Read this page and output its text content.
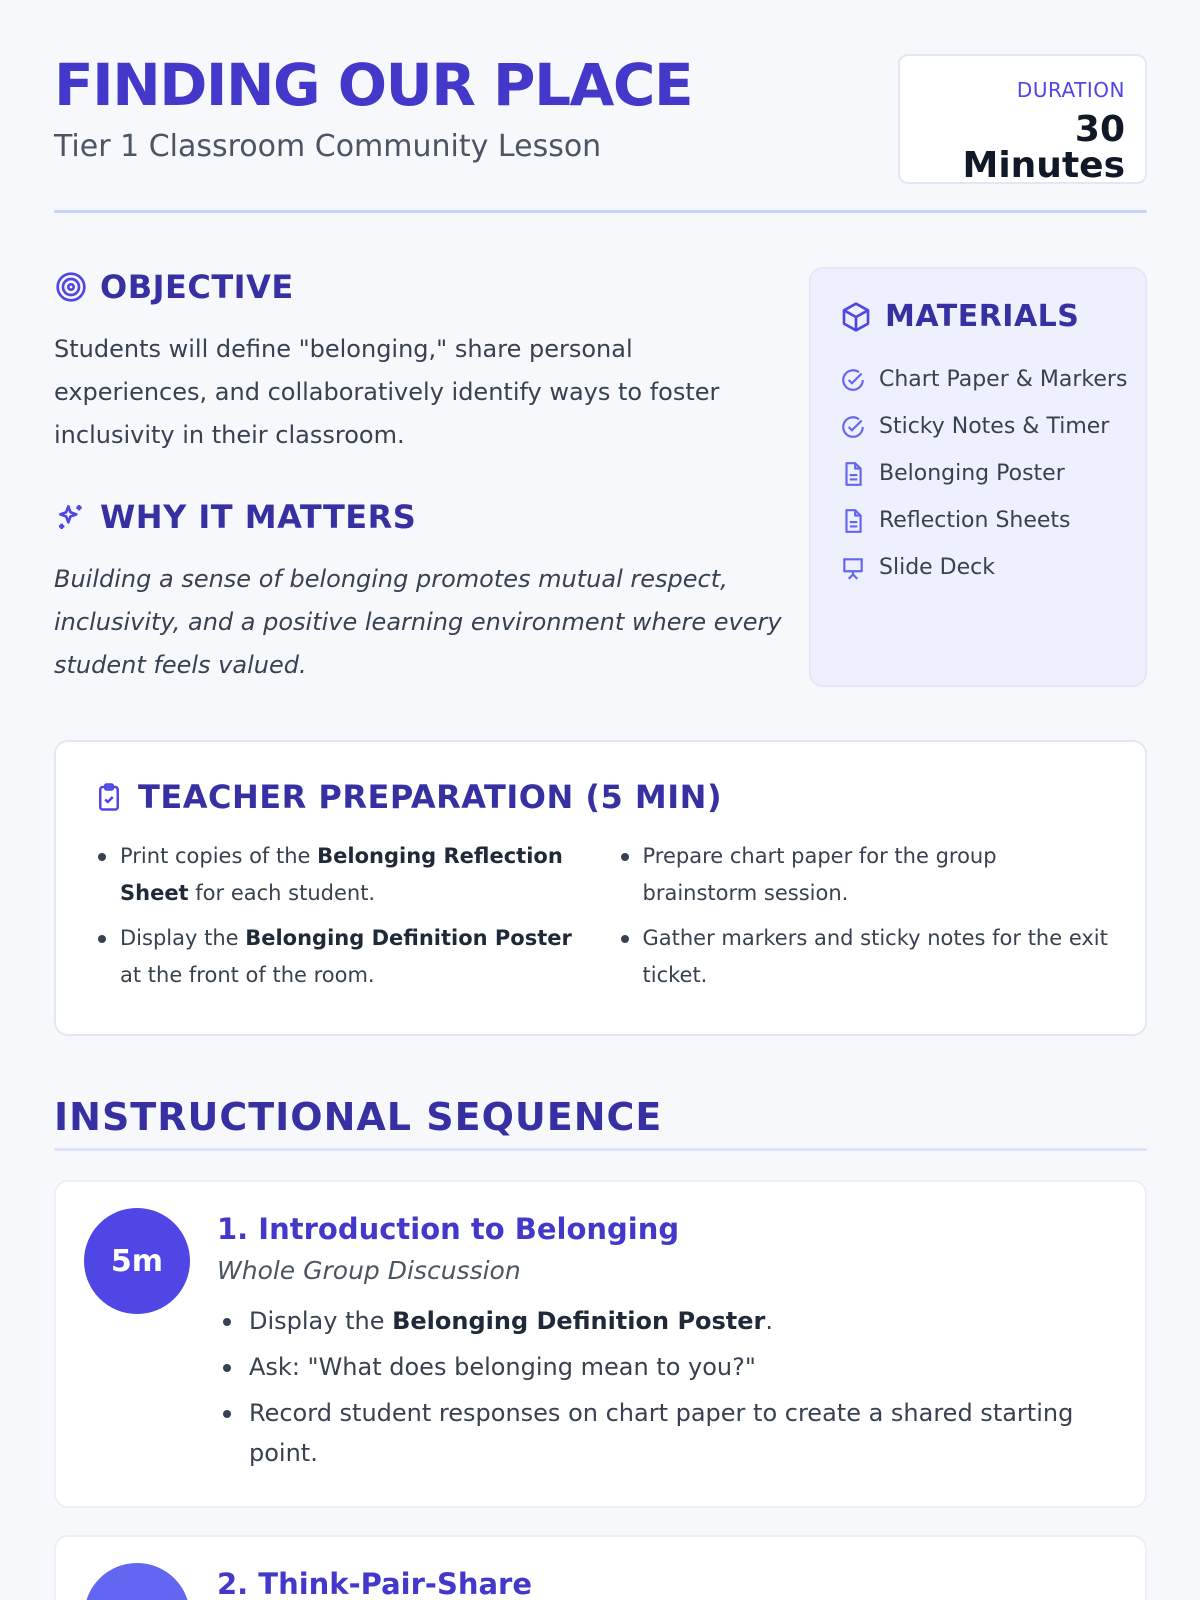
FINDING OUR PLACE
Tier 1 Classroom Community Lesson
DURATION
30 Minutes
OBJECTIVE

Students will define "belonging," share personal experiences, and collaboratively identify ways to foster inclusivity in their classroom.

WHY IT MATTERS

Building a sense of belonging promotes mutual respect, inclusivity, and a positive learning environment where every student feels valued.

MATERIALS
Chart Paper & Markers
Sticky Notes & Timer
Belonging Poster
Reflection Sheets
Slide Deck
TEACHER PREPARATION (5 MIN)
Print copies of the Belonging Reflection Sheet for each student.
Prepare chart paper for the group brainstorm session.
Display the Belonging Definition Poster at the front of the room.
Gather markers and sticky notes for the exit ticket.
INSTRUCTIONAL SEQUENCE
5m
1. Introduction to Belonging
Whole Group Discussion
Display the Belonging Definition Poster.
Ask: "What does belonging mean to you?"
Record student responses on chart paper to create a shared starting point.
2. Think-Pair-Share
